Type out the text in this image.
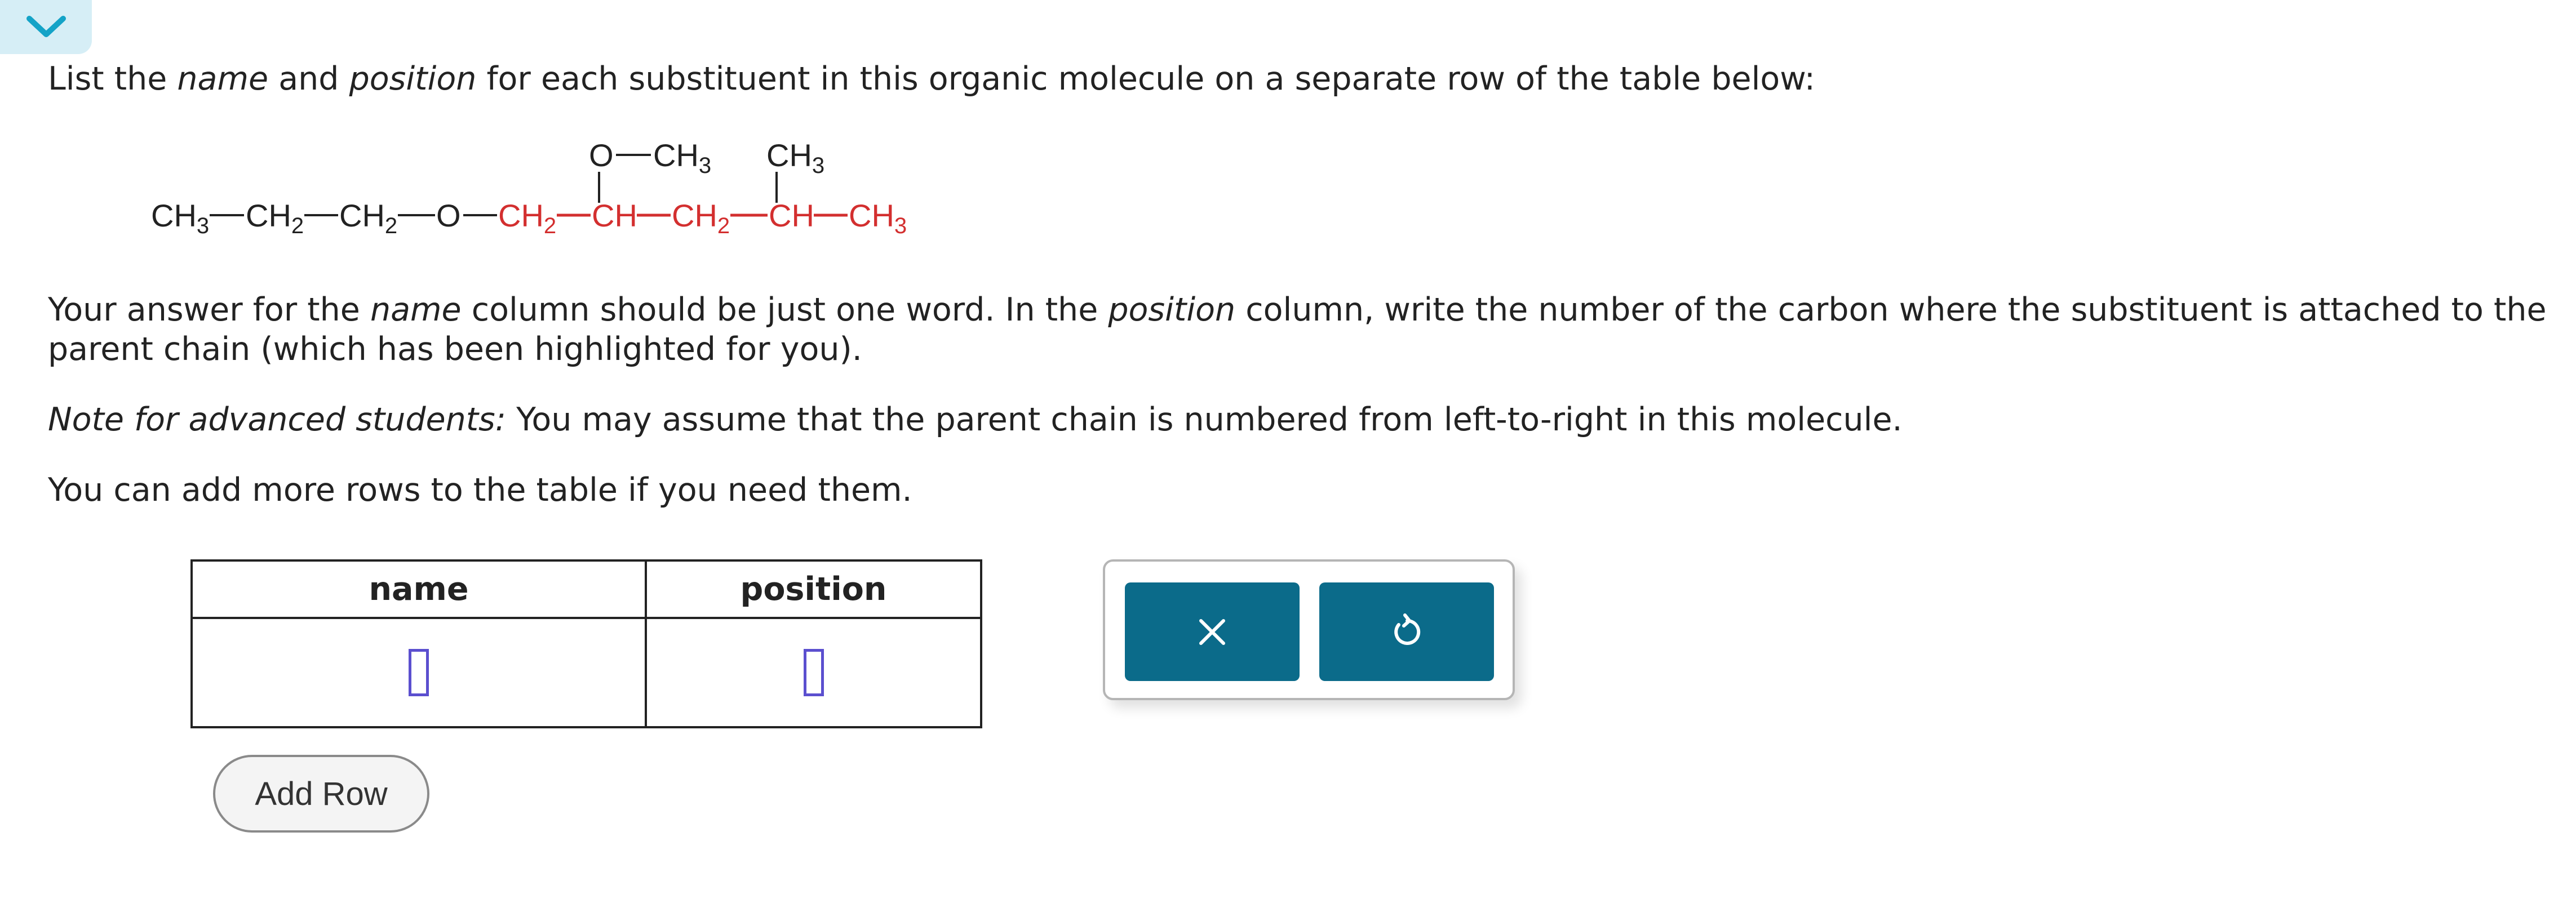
List the name and position for each substituent in this organic molecule on a separate row of the table below:

O $CH_3$ $CH_3$
$CH_3$ $CH_2$ $CH_2$ O $CH_2$ CH $CH_2$ CH $CH_3$

Your answer for the name column should be just one word. In the position column, write the number of the carbon where the substituent is attached to the
parent chain (which has been highlighted for you).

Note for advanced students: You may assume that the parent chain is numbered from left-to-right in this molecule.

You can add more rows to the table if you need them.

name	position

Add Row
